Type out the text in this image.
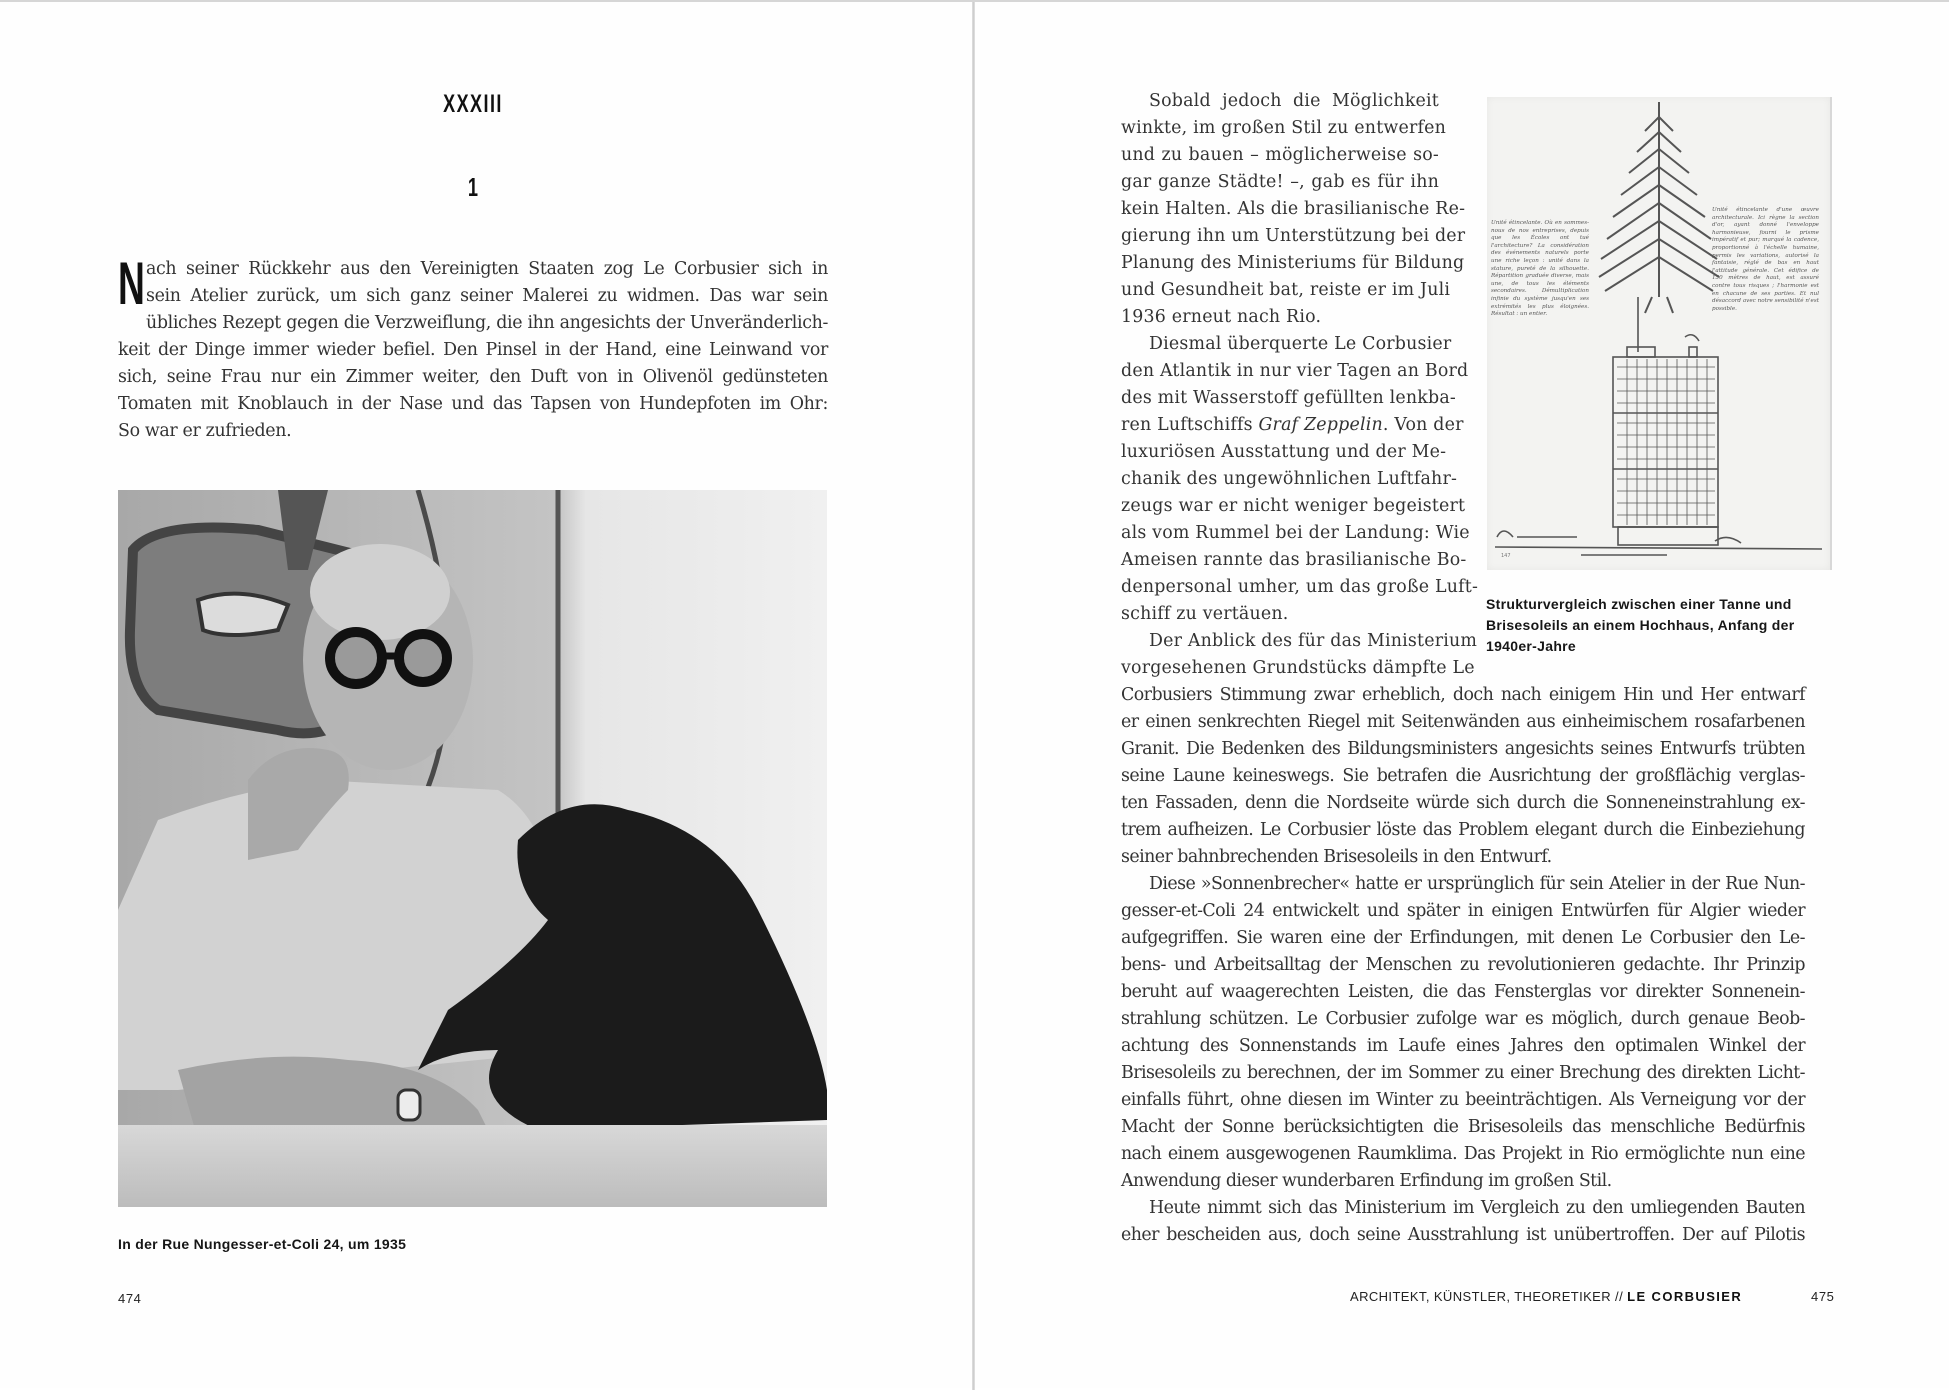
XXXIII
1
N ach seiner Rückkehr aus den Vereinigten Staaten zog Le Corbusier sich in
sein Atelier zurück, um sich ganz seiner Malerei zu widmen. Das war sein
übliches Rezept gegen die Verzweiflung, die ihn angesichts der Unveränderlich-
keit der Dinge immer wieder befiel. Den Pinsel in der Hand, eine Leinwand vor
sich, seine Frau nur ein Zimmer weiter, den Duft von in Olivenöl gedünsteten
Tomaten mit Knoblauch in der Nase und das Tapsen von Hundepfoten im Ohr:
So war er zufrieden.
In der Rue Nungesser-et-Coli 24, um 1935
474
Sobald jedoch die Möglichkeit
winkte, im großen Stil zu entwerfen
und zu bauen – möglicherweise so-
gar ganze Städte! –, gab es für ihn
kein Halten. Als die brasilianische Re-
gierung ihn um Unterstützung bei der
Planung des Ministeriums für Bildung
und Gesundheit bat, reiste er im Juli
1936 erneut nach Rio.
Diesmal überquerte Le Corbusier
den Atlantik in nur vier Tagen an Bord
des mit Wasserstoff gefüllten lenkba-
ren Luftschiffs Graf Zeppelin. Von der
luxuriösen Ausstattung und der Me-
chanik des ungewöhnlichen Luftfahr-
zeugs war er nicht weniger begeistert
als vom Rummel bei der Landung: Wie
Ameisen rannte das brasilianische Bo-
denpersonal umher, um das große Luft-
schiff zu vertäuen.
Der Anblick des für das Ministerium
vorgesehenen Grundstücks dämpfte Le
Unité étincelante. Où en sommes-nous de nos entreprises, depuis que les Écoles ont tué l'architecture? La considération des événements naturels porte une riche leçon : unité dans la stature, pureté de la silhouette. Répartition graduée diverse, mais une, de tous les éléments secondaires. Démultiplication infinie du système jusqu'en ses extrémités les plus éloignées. Résultat : un entier.
Unité étincelante d'une œuvre architecturale. Ici règne la section d'or, ayant donné l'enveloppe harmonieuse, fourni le prisme impératif et pur; marqué la cadence, proportionné à l'échelle humaine, permis les variations, autorisé la fantaisie, réglé de bas en haut l'attitude générale. Cet édifice de 150 mètres de haut, est assuré contre tous risques ; l'harmonie est en chacune de ses parties. Et nul désaccord avec notre sensibilité n'est possible.
147
Strukturvergleich zwischen einer Tanne und
Brisesoleils an einem Hochhaus, Anfang der
1940er-Jahre
Corbusiers Stimmung zwar erheblich, doch nach einigem Hin und Her entwarf
er einen senkrechten Riegel mit Seitenwänden aus einheimischem rosafarbenen
Granit. Die Bedenken des Bildungsministers angesichts seines Entwurfs trübten
seine Laune keineswegs. Sie betrafen die Ausrichtung der großflächig verglas-
ten Fassaden, denn die Nordseite würde sich durch die Sonneneinstrahlung ex-
trem aufheizen. Le Corbusier löste das Problem elegant durch die Einbeziehung
seiner bahnbrechenden Brisesoleils in den Entwurf.
Diese »Sonnenbrecher« hatte er ursprünglich für sein Atelier in der Rue Nun-
gesser-et-Coli 24 entwickelt und später in einigen Entwürfen für Algier wieder
aufgegriffen. Sie waren eine der Erfindungen, mit denen Le Corbusier den Le-
bens- und Arbeitsalltag der Menschen zu revolutionieren gedachte. Ihr Prinzip
beruht auf waagerechten Leisten, die das Fensterglas vor direkter Sonnenein-
strahlung schützen. Le Corbusier zufolge war es möglich, durch genaue Beob-
achtung des Sonnenstands im Laufe eines Jahres den optimalen Winkel der
Brisesoleils zu berechnen, der im Sommer zu einer Brechung des direkten Licht-
einfalls führt, ohne diesen im Winter zu beeinträchtigen. Als Verneigung vor der
Macht der Sonne berücksichtigten die Brisesoleils das menschliche Bedürfnis
nach einem ausgewogenen Raumklima. Das Projekt in Rio ermöglichte nun eine
Anwendung dieser wunderbaren Erfindung im großen Stil.
Heute nimmt sich das Ministerium im Vergleich zu den umliegenden Bauten
eher bescheiden aus, doch seine Ausstrahlung ist unübertroffen. Der auf Pilotis
ARCHITEKT, KÜNSTLER, THEORETIKER // LE CORBUSIER	475
